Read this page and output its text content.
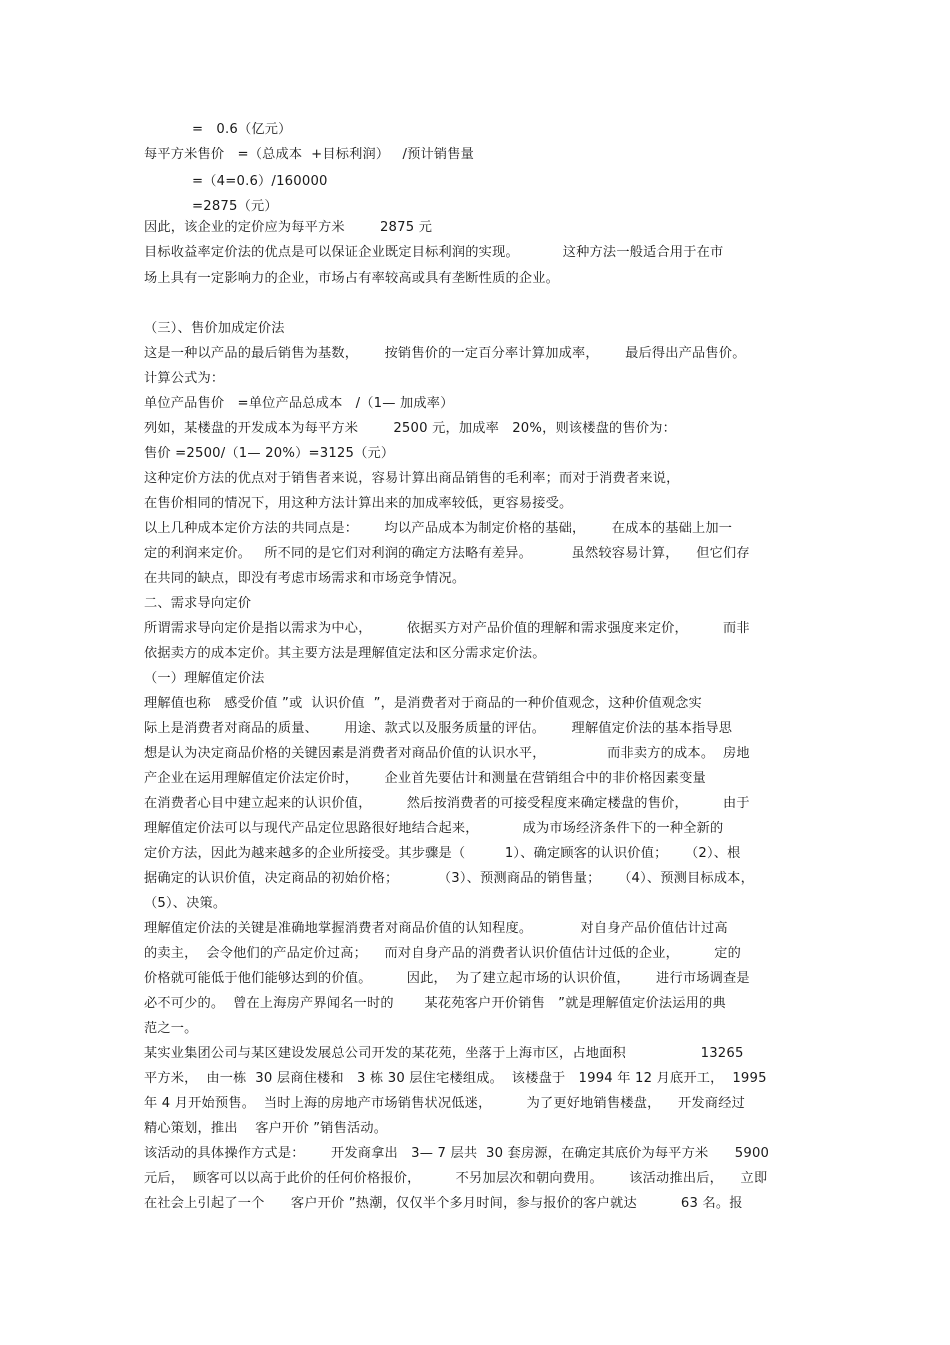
=   0.6（亿元）
每平方米售价   =（总成本  +目标利润）   /预计销售量
=（4=0.6）/160000
=2875（元）
因此，该企业的定价应为每平方米        2875 元
目标收益率定价法的优点是可以保证企业既定目标利润的实现。          这种方法一般适合用于在市
场上具有一定影响力的企业，市场占有率较高或具有垄断性质的企业。
（三）、售价加成定价法
这是一种以产品的最后销售为基数，      按销售价的一定百分率计算加成率，      最后得出产品售价。
计算公式为：
单位产品售价   =单位产品总成本   /（1— 加成率）
列如，某楼盘的开发成本为每平方米        2500 元，加成率   20%，则该楼盘的售价为：
售价 =2500/（1— 20%）=3125（元）
这种定价方法的优点对于销售者来说，容易计算出商品销售的毛利率；而对于消费者来说，
在售价相同的情况下，用这种方法计算出来的加成率较低，更容易接受。
以上几种成本定价方法的共同点是：      均以产品成本为制定价格的基础，      在成本的基础上加一
定的利润来定价。   所不同的是它们对利润的确定方法略有差异。         虽然较容易计算，    但它们存
在共同的缺点，即没有考虑市场需求和市场竞争情况。
二、需求导向定价
所谓需求导向定价是指以需求为中心，        依据买方对产品价值的理解和需求强度来定价，        而非
依据卖方的成本定价。其主要方法是理解值定法和区分需求定价法。
（一）理解值定价法
理解值也称   感受价值 ”或  认识价值  ”，是消费者对于商品的一种价值观念，这种价值观念实
际上是消费者对商品的质量、      用途、款式以及服务质量的评估。      理解值定价法的基本指导思
想是认为决定商品价格的关键因素是消费者对商品价值的认识水平，              而非卖方的成本。  房地
产企业在运用理解值定价法定价时，      企业首先要估计和测量在营销组合中的非价格因素变量
在消费者心目中建立起来的认识价值，        然后按消费者的可接受程度来确定楼盘的售价，        由于
理解值定价法可以与现代产品定位思路很好地结合起来，          成为市场经济条件下的一种全新的
定价方法，因此为越来越多的企业所接受。其步骤是（         1）、确定顾客的认识价值；    （2）、根
据确定的认识价值，决定商品的初始价格；         （3）、预测商品的销售量；    （4）、预测目标成本，
（5）、决策。
理解值定价法的关键是准确地掌握消费者对商品价值的认知程度。           对自身产品价值估计过高
的卖主，  会令他们的产品定价过高；    而对自身产品的消费者认识价值估计过低的企业，        定的
价格就可能低于他们能够达到的价值。        因此，  为了建立起市场的认识价值，      进行市场调查是
必不可少的。  曾在上海房产界闻名一时的       某花苑客户开价销售   ”就是理解值定价法运用的典
范之一。
某实业集团公司与某区建设发展总公司开发的某花苑，坐落于上海市区，占地面积                 13265
平方米，  由一栋  30 层商住楼和   3 栋 30 层住宅楼组成。  该楼盘于   1994 年 12 月底开工，  1995
年 4 月开始预售。  当时上海的房地产市场销售状况低迷，        为了更好地销售楼盘，    开发商经过
精心策划，推出    客户开价 ”销售活动。
该活动的具体操作方式是：      开发商拿出   3— 7 层共  30 套房源，在确定其底价为每平方米      5900
元后，  顾客可以以高于此价的任何价格报价，        不另加层次和朝向费用。      该活动推出后，    立即
在社会上引起了一个      客户开价 ”热潮，仅仅半个多月时间，参与报价的客户就达          63 名。报
